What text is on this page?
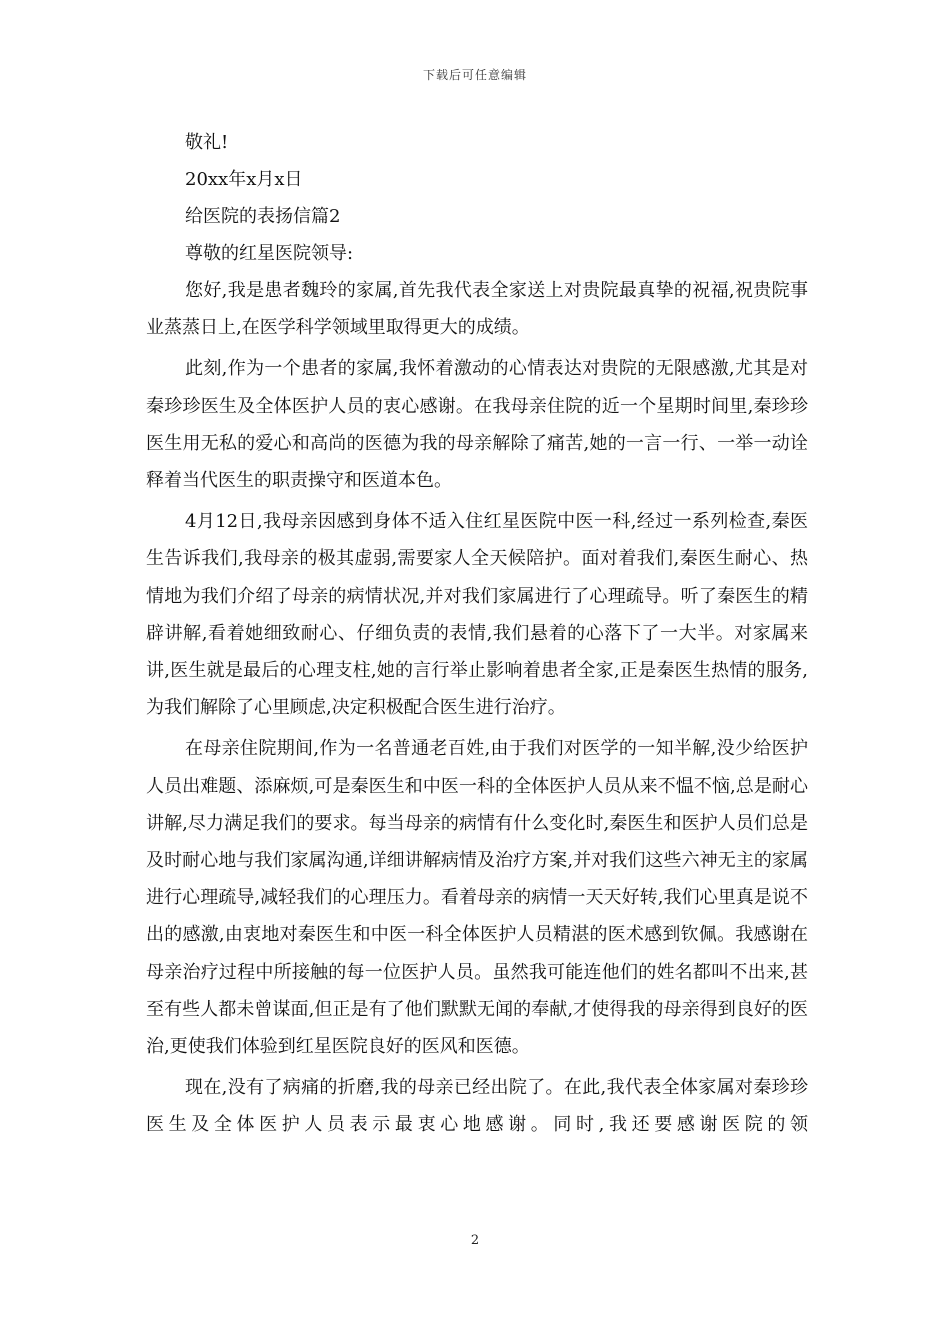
下载后可任意编辑
敬礼!
20xx年x月x日
给医院的表扬信篇2
尊敬的红星医院领导:

您好,我是患者魏玲的家属,首先我代表全家送上对贵院最真挚的祝福,祝贵院事业蒸蒸日上,在医学科学领域里取得更大的成绩。

此刻,作为一个患者的家属,我怀着激动的心情表达对贵院的无限感激,尤其是对秦珍珍医生及全体医护人员的衷心感谢。在我母亲住院的近一个星期时间里,秦珍珍医生用无私的爱心和高尚的医德为我的母亲解除了痛苦,她的一言一行、一举一动诠释着当代医生的职责操守和医道本色。

4月12日,我母亲因感到身体不适入住红星医院中医一科,经过一系列检查,秦医生告诉我们,我母亲的极其虚弱,需要家人全天候陪护。面对着我们,秦医生耐心、热情地为我们介绍了母亲的病情状况,并对我们家属进行了心理疏导。听了秦医生的精辟讲解,看着她细致耐心、仔细负责的表情,我们悬着的心落下了一大半。对家属来讲,医生就是最后的心理支柱,她的言行举止影响着患者全家,正是秦医生热情的服务,为我们解除了心里顾虑,决定积极配合医生进行治疗。

在母亲住院期间,作为一名普通老百姓,由于我们对医学的一知半解,没少给医护人员出难题、添麻烦,可是秦医生和中医一科的全体医护人员从来不愠不恼,总是耐心讲解,尽力满足我们的要求。每当母亲的病情有什么变化时,秦医生和医护人员们总是及时耐心地与我们家属沟通,详细讲解病情及治疗方案,并对我们这些六神无主的家属进行心理疏导,减轻我们的心理压力。看着母亲的病情一天天好转,我们心里真是说不出的感激,由衷地对秦医生和中医一科全体医护人员精湛的医术感到钦佩。我感谢在母亲治疗过程中所接触的每一位医护人员。虽然我可能连他们的姓名都叫不出来,甚至有些人都未曾谋面,但正是有了他们默默无闻的奉献,才使得我的母亲得到良好的医治,更使我们体验到红星医院良好的医风和医德。

现在,没有了病痛的折磨,我的母亲已经出院了。在此,我代表全体家属对秦珍珍医生及全体医护人员表示最衷心地感谢。同时,我还要感谢医院的领

2
